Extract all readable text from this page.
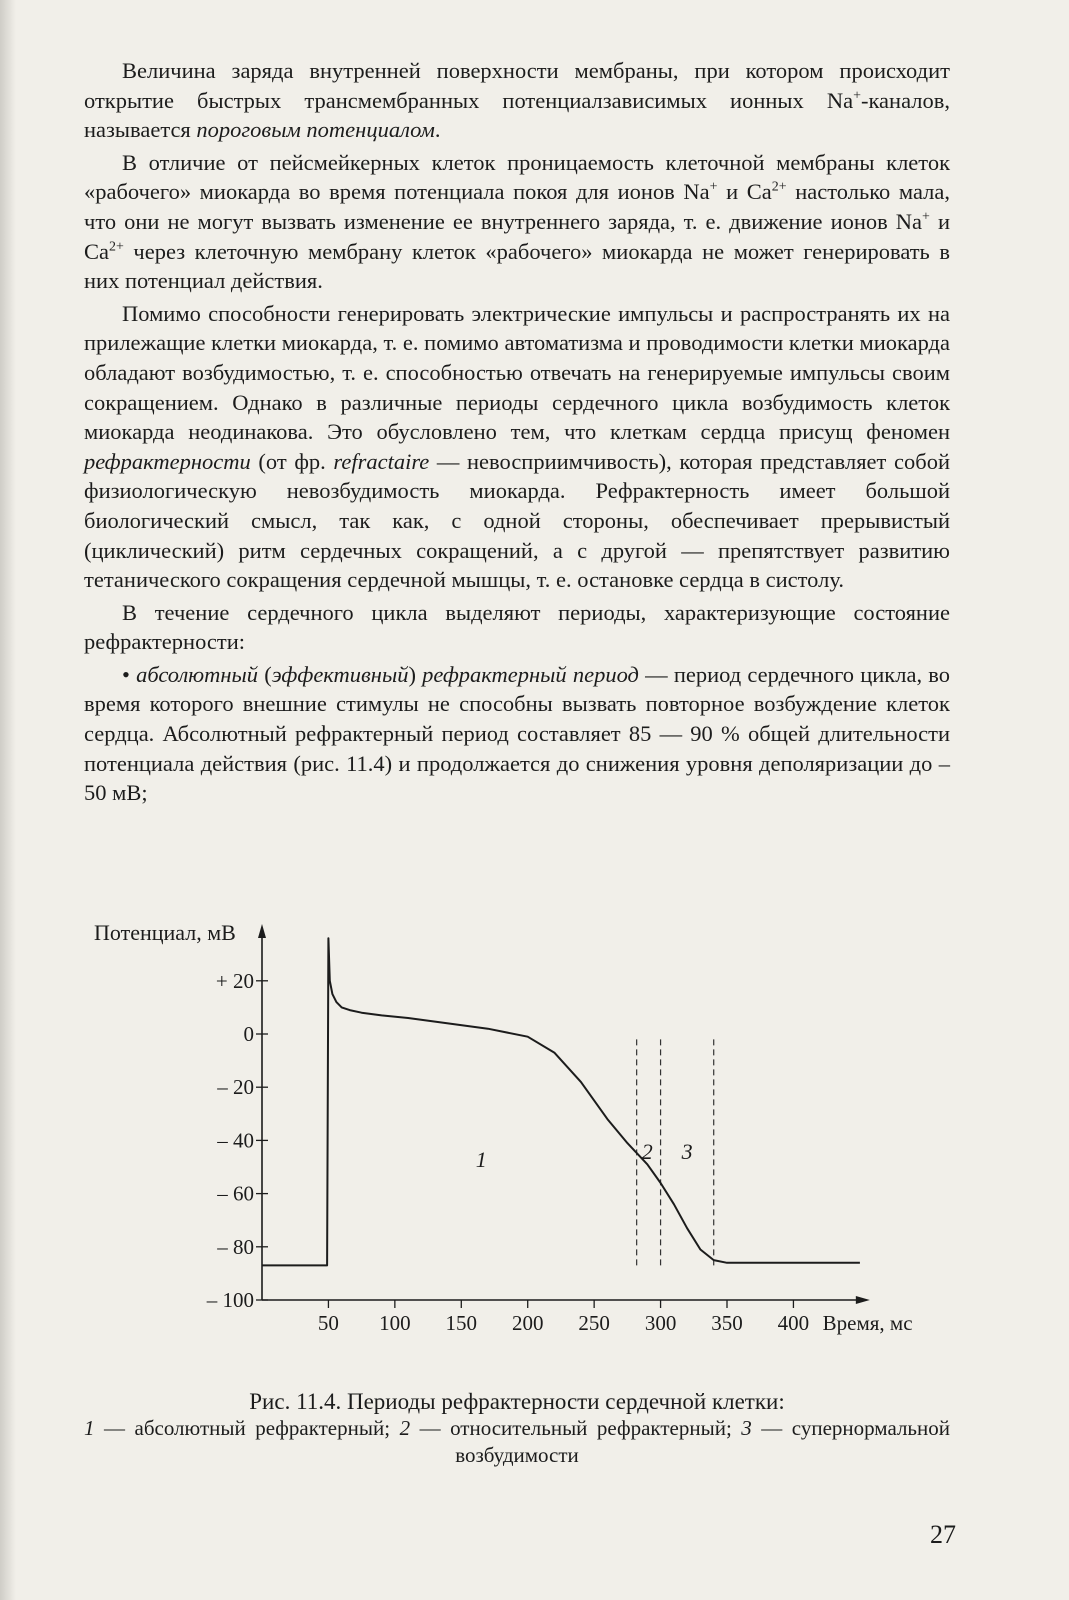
Величина заряда внутренней поверхности мембраны, при котором происходит открытие быстрых трансмембранных потенциалзависимых ионных Na+-каналов, называется пороговым потенциалом.

В отличие от пейсмейкерных клеток проницаемость клеточной мембраны клеток «рабочего» миокарда во время потенциала покоя для ионов Na+ и $Ca^{2+}$ настолько мала, что они не могут вызвать изменение ее внутреннего заряда, т. е. движение ионов Na+ и $Ca^{2+}$ через клеточную мембрану клеток «рабочего» миокарда не может генерировать в них потенциал действия.

Помимо способности генерировать электрические импульсы и распространять их на прилежащие клетки миокарда, т. е. помимо автоматизма и проводимости клетки миокарда обладают возбудимостью, т. е. способностью отвечать на генерируемые импульсы своим сокращением. Однако в различные периоды сердечного цикла возбудимость клеток миокарда неодинакова. Это обусловлено тем, что клеткам сердца присущ феномен рефрактерности (от фр. refractaire — невосприимчивость), которая представляет собой физиологическую невозбудимость миокарда. Рефрактерность имеет большой биологический смысл, так как, с одной стороны, обеспечивает прерывистый (циклический) ритм сердечных сокращений, а с другой — препятствует развитию тетанического сокращения сердечной мышцы, т. е. остановке сердца в систолу.

В течение сердечного цикла выделяют периоды, характеризующие состояние рефрактерности:

• абсолютный (эффективный) рефрактерный период — период сердечного цикла, во время которого внешние стимулы не способны вызвать повторное возбуждение клеток сердца. Абсолютный рефрактерный период составляет 85 — 90 % общей длительности потенциала действия (рис. 11.4) и продолжается до снижения уровня деполяризации до –50 мВ;

+ 20
0
– 20
– 40
– 60
– 80
– 100
50 100 150 200 250 300 350 400
Потенциал, мВ
Время, мс
1	2 3
Рис. 11.4. Периоды рефрактерности сердечной клетки:
1 — абсолютный рефрактерный; 2 — относительный рефрактерный; 3 — супернормальной возбудимости
27
